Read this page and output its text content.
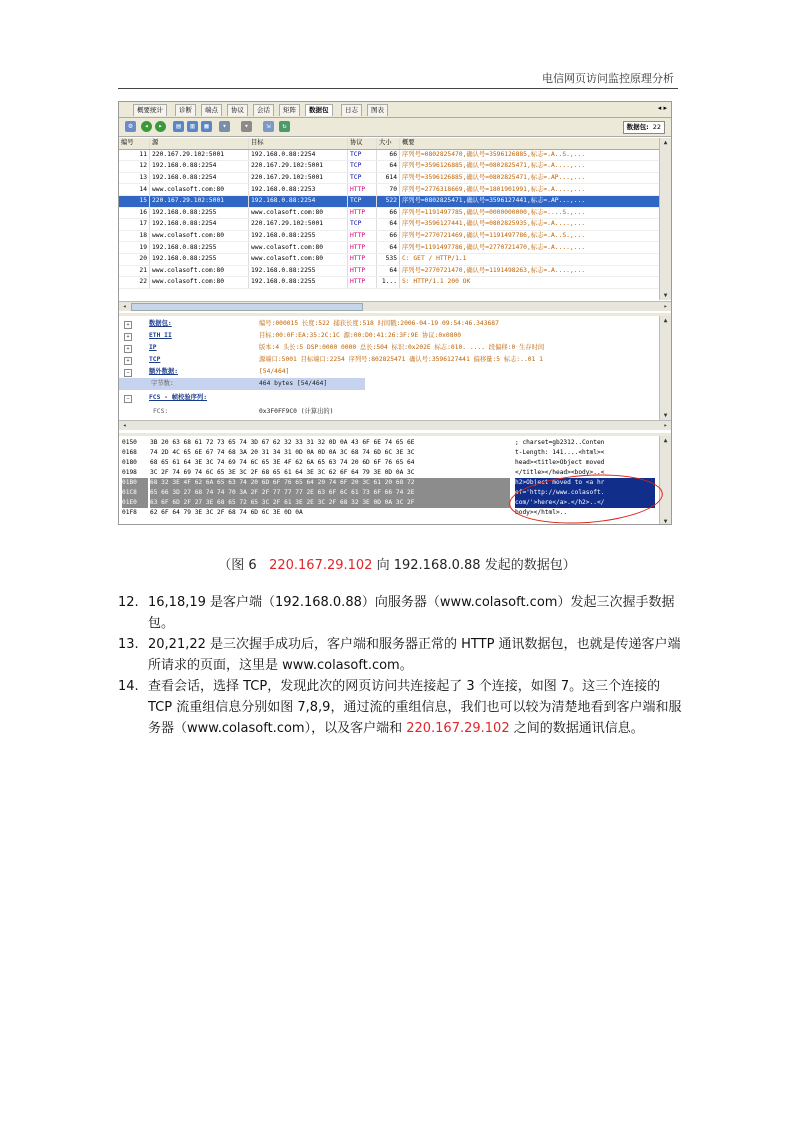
电信网页访问监控原理分析
概要统计	诊断	端点	协议	会话	矩阵	数据包	日志	图表	◂ ▸
⚙	◂	▸	▤	▥	▦	▾	▾	⇲	↻	数据包: 22
编号	源	目标	协议	大小	概要
11	220.167.29.102:5001	192.168.0.88:2254	TCP	66	序列号=0802825470,确认号=3596126885,标志=.A..S.,...
12	192.168.0.88:2254	220.167.29.102:5001	TCP	64	序列号=3596126885,确认号=0802825471,标志=.A....,...
13	192.168.0.88:2254	220.167.29.102:5001	TCP	614	序列号=3596126885,确认号=0802825471,标志=.AP...,...
14	www.colasoft.com:80	192.168.0.88:2253	HTTP	70	序列号=2776318669,确认号=1801901991,标志=.A....,...
15	220.167.29.102:5001	192.168.0.88:2254	TCP	522	序列号=0802825471,确认号=3596127441,标志=.AP...,...
16	192.168.0.88:2255	www.colasoft.com:80	HTTP	66	序列号=1191497785,确认号=0000000000,标志=....S.,...
17	192.168.0.88:2254	220.167.29.102:5001	TCP	64	序列号=3596127441,确认号=0802825935,标志=.A....,...
18	www.colasoft.com:80	192.168.0.88:2255	HTTP	66	序列号=2770721469,确认号=1191497786,标志=.A..S.,...
19	192.168.0.88:2255	www.colasoft.com:80	HTTP	64	序列号=1191497786,确认号=2770721470,标志=.A....,...
20	192.168.0.88:2255	www.colasoft.com:80	HTTP	535	C: GET / HTTP/1.1
21	www.colasoft.com:80	192.168.0.88:2255	HTTP	64	序列号=2770721470,确认号=1191498263,标志=.A....,...
22	www.colasoft.com:80	192.168.0.88:2255	HTTP	1...	S: HTTP/1.1 200 OK
▲
▼
◂	▸
+	数据包:	编号:000015 长度:522 捕获长度:518 时间戳:2006-04-19 09:54:46.343687
+	ETH II	目标:00:0F:EA:35:2C:1C 源:00:D0:41:26:3F:9E 协议:0x0800
+	IP	版本:4 头长:5 DSP:0000 0000 总长:504 标识:0x202E 标志:010. .... 段偏移:0 生存时间
+	TCP	源端口:5001 目标端口:2254 序列号:802825471 确认号:3596127441 偏移量:5 标志:..01 1
−	额外数据:	[54/464]
字节数:	464 bytes [54/464]
−	FCS - 帧校验序列:
FCS:	0x3F0FF9C0 (计算出的)
▲
▼
◂	▸
0150	3B 20 63 68 61 72 73 65 74 3D 67 62 32 33 31 32 0D 0A 43 6F 6E 74 65 6E	; charset=gb2312..Conten
0168	74 2D 4C 65 6E 67 74 68 3A 20 31 34 31 0D 0A 0D 0A 3C 68 74 6D 6C 3E 3C	t-Length: 141....<html><
0180	68 65 61 64 3E 3C 74 69 74 6C 65 3E 4F 62 6A 65 63 74 20 6D 6F 76 65 64	head><title>Object moved
0198	3C 2F 74 69 74 6C 65 3E 3C 2F 68 65 61 64 3E 3C 62 6F 64 79 3E 0D 0A 3C	</title></head><body>..<
01B0	68 32 3E 4F 62 6A 65 63 74 20 6D 6F 76 65 64 20 74 6F 20 3C 61 20 68 72	h2>Object moved to <a hr
01C8	65 66 3D 27 68 74 74 70 3A 2F 2F 77 77 77 2E 63 6F 6C 61 73 6F 66 74 2E	ef='http://www.colasoft.
01E0	63 6F 6D 2F 27 3E 68 65 72 65 3C 2F 61 3E 2E 3C 2F 68 32 3E 0D 0A 3C 2F	com/'>here</a>.</h2>..</
01F8	62 6F 64 79 3E 3C 2F 68 74 6D 6C 3E 0D 0A	body></html>..
▲
▼
（图 6 220.167.29.102 向 192.168.0.88 发起的数据包）
12. 16,18,19 是客户端（192.168.0.88）向服务器（www.colasoft.com）发起三次握手数据包。
13. 20,21,22 是三次握手成功后，客户端和服务器正常的 HTTP 通讯数据包，也就是传递客户端所请求的页面，这里是 www.colasoft.com。
14. 查看会话，选择 TCP，发现此次的网页访问共连接起了 3 个连接，如图 7。这三个连接的 TCP 流重组信息分别如图 7,8,9，通过流的重组信息，我们也可以较为清楚地看到客户端和服务器（www.colasoft.com），以及客户端和 220.167.29.102 之间的数据通讯信息。
